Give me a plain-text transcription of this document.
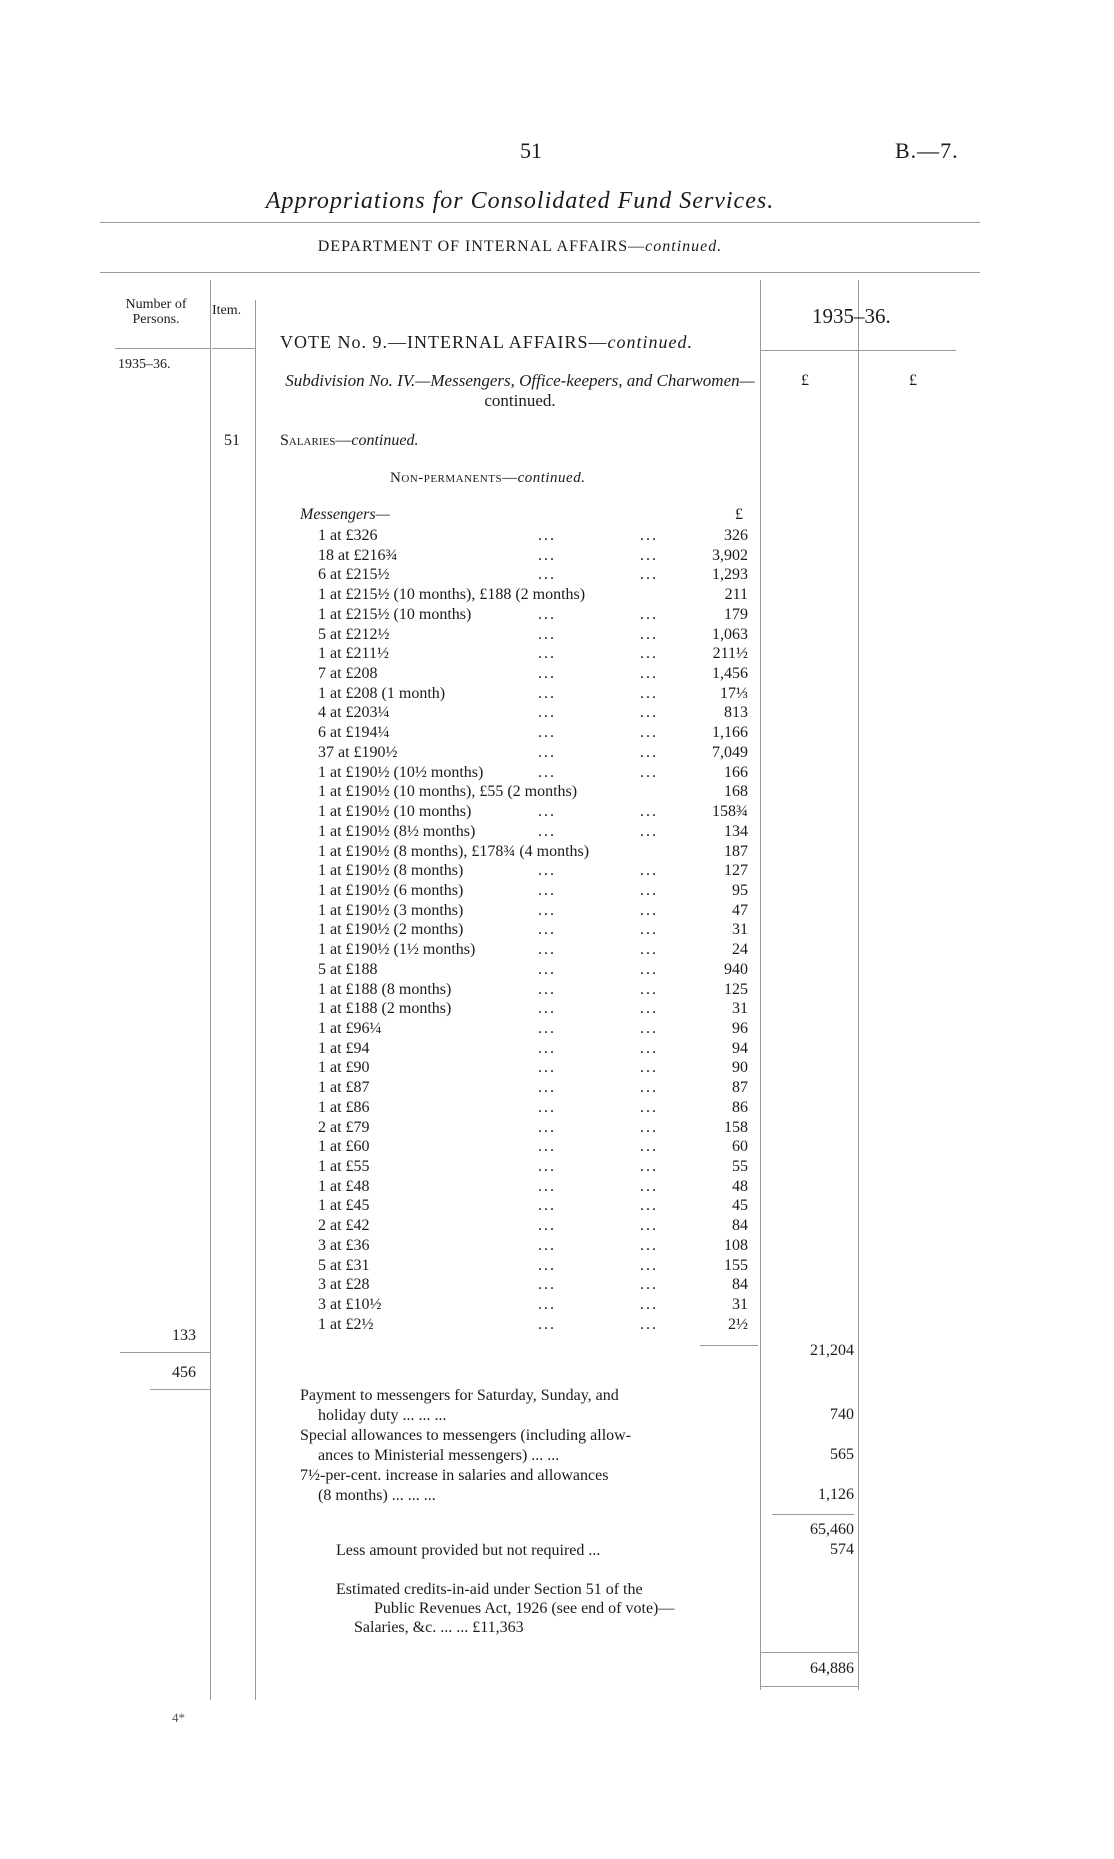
51	B.—7.
Appropriations for Consolidated Fund Services.
DEPARTMENT OF INTERNAL AFFAIRS—continued.
Number of Persons.
Item.	1935–36.
1935–36.
£	£
VOTE No. 9.—INTERNAL AFFAIRS—continued.
Subdivision No. IV.—Messengers, Office-keepers, and Charwomen—continued.
51	Salaries—continued.
Non-permanents—continued.
Messengers—	£
1 at £326	...	...	326
18 at £216¾	...	...	3,902
6 at £215½	...	...	1,293
1 at £215½ (10 months), £188 (2 months)	211
1 at £215½ (10 months)	...	...	179
5 at £212½	...	...	1,063
1 at £211½	...	...	211½
7 at £208	...	...	1,456
1 at £208 (1 month)	...	...	17⅓
4 at £203¼	...	...	813
6 at £194¼	...	...	1,166
37 at £190½	...	...	7,049
1 at £190½ (10½ months)	...	...	166
1 at £190½ (10 months), £55 (2 months)	168
1 at £190½ (10 months)	...	...	158¾
1 at £190½ (8½ months)	...	...	134
1 at £190½ (8 months), £178¾ (4 months)	187
1 at £190½ (8 months)	...	...	127
1 at £190½ (6 months)	...	...	95
1 at £190½ (3 months)	...	...	47
1 at £190½ (2 months)	...	...	31
1 at £190½ (1½ months)	...	...	24
5 at £188	...	...	940
1 at £188 (8 months)	...	...	125
1 at £188 (2 months)	...	...	31
1 at £96¼	...	...	96
1 at £94	...	...	94
1 at £90	...	...	90
1 at £87	...	...	87
1 at £86	...	...	86
2 at £79	...	...	158
1 at £60	...	...	60
1 at £55	...	...	55
1 at £48	...	...	48
1 at £45	...	...	45
2 at £42	...	...	84
3 at £36	...	...	108
5 at £31	...	...	155
3 at £28	...	...	84
3 at £10½	...	...	31
1 at £2½	...	...	2½
133
456
21,204
Payment to messengers for Saturday, Sunday, and
holiday duty ... ... ...	740
Special allowances to messengers (including allow-
ances to Ministerial messengers) ... ...	565
7½-per-cent. increase in salaries and allowances
(8 months) ... ... ...	1,126
65,460
Less amount provided but not required ...	574
Estimated credits-in-aid under Section 51 of the
Public Revenues Act, 1926 (see end of vote)—
Salaries, &c. ... ... £11,363
64,886
4*
